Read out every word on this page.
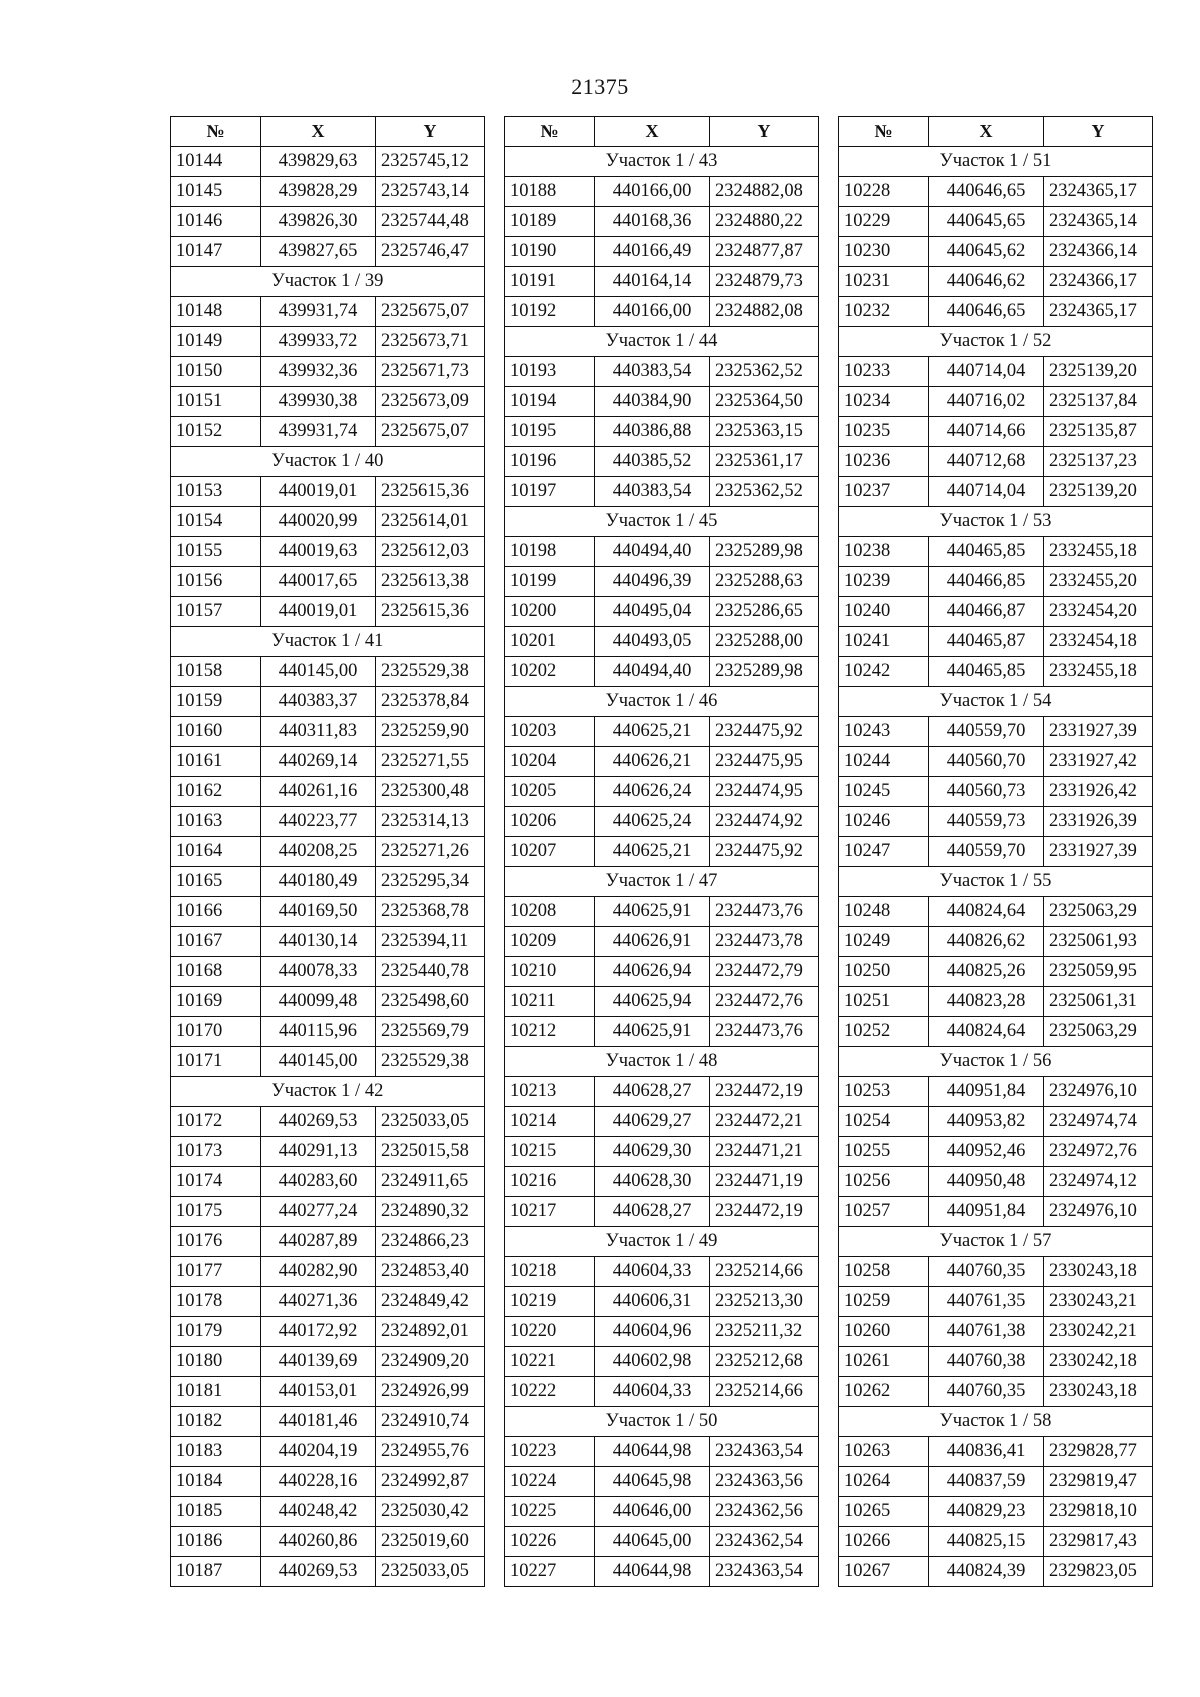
21375
№	X	Y
10144	439829,63	2325745,12
10145	439828,29	2325743,14
10146	439826,30	2325744,48
10147	439827,65	2325746,47
Участок 1 / 39		
10148	439931,74	2325675,07
10149	439933,72	2325673,71
10150	439932,36	2325671,73
10151	439930,38	2325673,09
10152	439931,74	2325675,07
Участок 1 / 40		
10153	440019,01	2325615,36
10154	440020,99	2325614,01
10155	440019,63	2325612,03
10156	440017,65	2325613,38
10157	440019,01	2325615,36
Участок 1 / 41		
10158	440145,00	2325529,38
10159	440383,37	2325378,84
10160	440311,83	2325259,90
10161	440269,14	2325271,55
10162	440261,16	2325300,48
10163	440223,77	2325314,13
10164	440208,25	2325271,26
10165	440180,49	2325295,34
10166	440169,50	2325368,78
10167	440130,14	2325394,11
10168	440078,33	2325440,78
10169	440099,48	2325498,60
10170	440115,96	2325569,79
10171	440145,00	2325529,38
Участок 1 / 42		
10172	440269,53	2325033,05
10173	440291,13	2325015,58
10174	440283,60	2324911,65
10175	440277,24	2324890,32
10176	440287,89	2324866,23
10177	440282,90	2324853,40
10178	440271,36	2324849,42
10179	440172,92	2324892,01
10180	440139,69	2324909,20
10181	440153,01	2324926,99
10182	440181,46	2324910,74
10183	440204,19	2324955,76
10184	440228,16	2324992,87
10185	440248,42	2325030,42
10186	440260,86	2325019,60
10187	440269,53	2325033,05
№	X	Y
Участок 1 / 43		
10188	440166,00	2324882,08
10189	440168,36	2324880,22
10190	440166,49	2324877,87
10191	440164,14	2324879,73
10192	440166,00	2324882,08
Участок 1 / 44		
10193	440383,54	2325362,52
10194	440384,90	2325364,50
10195	440386,88	2325363,15
10196	440385,52	2325361,17
10197	440383,54	2325362,52
Участок 1 / 45		
10198	440494,40	2325289,98
10199	440496,39	2325288,63
10200	440495,04	2325286,65
10201	440493,05	2325288,00
10202	440494,40	2325289,98
Участок 1 / 46		
10203	440625,21	2324475,92
10204	440626,21	2324475,95
10205	440626,24	2324474,95
10206	440625,24	2324474,92
10207	440625,21	2324475,92
Участок 1 / 47		
10208	440625,91	2324473,76
10209	440626,91	2324473,78
10210	440626,94	2324472,79
10211	440625,94	2324472,76
10212	440625,91	2324473,76
Участок 1 / 48		
10213	440628,27	2324472,19
10214	440629,27	2324472,21
10215	440629,30	2324471,21
10216	440628,30	2324471,19
10217	440628,27	2324472,19
Участок 1 / 49		
10218	440604,33	2325214,66
10219	440606,31	2325213,30
10220	440604,96	2325211,32
10221	440602,98	2325212,68
10222	440604,33	2325214,66
Участок 1 / 50		
10223	440644,98	2324363,54
10224	440645,98	2324363,56
10225	440646,00	2324362,56
10226	440645,00	2324362,54
10227	440644,98	2324363,54
№	X	Y
Участок 1 / 51		
10228	440646,65	2324365,17
10229	440645,65	2324365,14
10230	440645,62	2324366,14
10231	440646,62	2324366,17
10232	440646,65	2324365,17
Участок 1 / 52		
10233	440714,04	2325139,20
10234	440716,02	2325137,84
10235	440714,66	2325135,87
10236	440712,68	2325137,23
10237	440714,04	2325139,20
Участок 1 / 53		
10238	440465,85	2332455,18
10239	440466,85	2332455,20
10240	440466,87	2332454,20
10241	440465,87	2332454,18
10242	440465,85	2332455,18
Участок 1 / 54		
10243	440559,70	2331927,39
10244	440560,70	2331927,42
10245	440560,73	2331926,42
10246	440559,73	2331926,39
10247	440559,70	2331927,39
Участок 1 / 55		
10248	440824,64	2325063,29
10249	440826,62	2325061,93
10250	440825,26	2325059,95
10251	440823,28	2325061,31
10252	440824,64	2325063,29
Участок 1 / 56		
10253	440951,84	2324976,10
10254	440953,82	2324974,74
10255	440952,46	2324972,76
10256	440950,48	2324974,12
10257	440951,84	2324976,10
Участок 1 / 57		
10258	440760,35	2330243,18
10259	440761,35	2330243,21
10260	440761,38	2330242,21
10261	440760,38	2330242,18
10262	440760,35	2330243,18
Участок 1 / 58		
10263	440836,41	2329828,77
10264	440837,59	2329819,47
10265	440829,23	2329818,10
10266	440825,15	2329817,43
10267	440824,39	2329823,05
